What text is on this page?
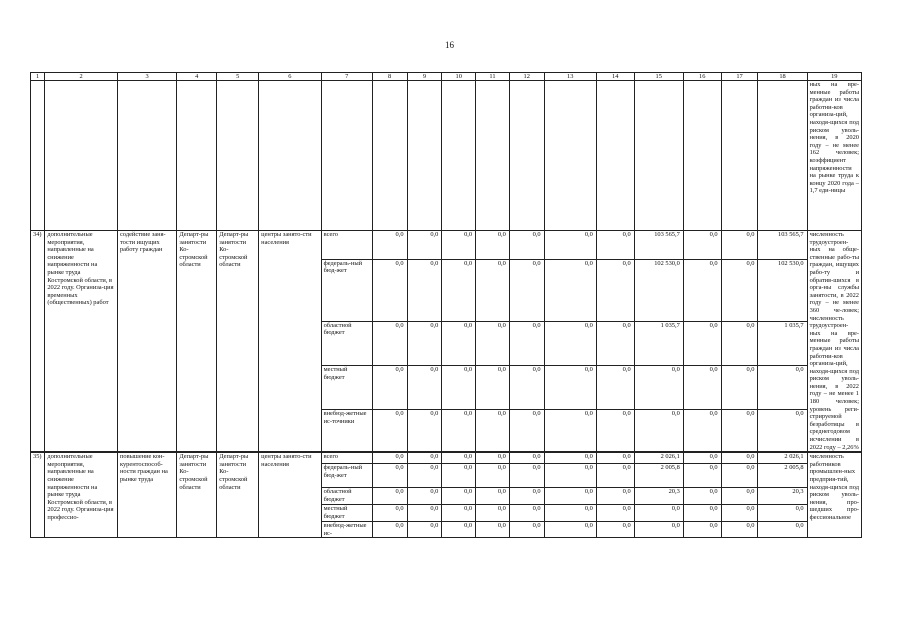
16
1	2	3	4	5	6	7	8	9	10	11	12	13	14	15	16	17	18	19
																		ных на вре-менные работы граждан из числа работни-ков организа-ций, находя-щихся под риском уволь-нения, в 2020 году – не менее 162 человек; коэффициент напряженности на рынке труда к концу 2020 года – 1,7 еди-ницы
34)	дополнительные мероприятия, направленные на снижение напряженности на рынке труда Костромской области, в 2022 году. Организа-ция временных (общественных) работ	содействие заня-тости ищущих работу граждан	Департ-ры занятости Ко-стромской области	Департ-ры занятости Ко-стромской области	центры занято-сти населения	всего	0,0	0,0	0,0	0,0	0,0	0,0	0,0	103 565,7	0,0	0,0	103 565,7	численность трудоустроен-ных на обще-ственные рабо-ты граждан, ищущих рабо-ту и обратив-шихся в орга-ны службы занятости, в 2022 году – не менее 360 че-ловек; численность трудоустроен-ных на вре-менные работы граждан из числа работни-ков организа-ций, находя-щихся под риском уволь-нения, в 2022 году – не менее 1 180 человек; уровень реги-стрируемой безработицы в среднегодовом исчислении в 2022 году – 2,26%
						федераль-ный бюд-жет	0,0	0,0	0,0	0,0	0,0	0,0	0,0	102 530,0	0,0	0,0	102 530,0	
						областной бюджет	0,0	0,0	0,0	0,0	0,0	0,0	0,0	1 035,7	0,0	0,0	1 035,7	
						местный бюджет	0,0	0,0	0,0	0,0	0,0	0,0	0,0	0,0	0,0	0,0	0,0	
						внебюд-жетные ис-точники	0,0	0,0	0,0	0,0	0,0	0,0	0,0	0,0	0,0	0,0	0,0	

35)	дополнительные мероприятия, направленные на снижение напряженности на рынке труда Костромской области, в 2022 году. Организа-ция профессио-	повышение кон-курентоспособ-ности граждан на рынке труда	Департ-ры занятости Ко-стромской области	Департ-ры занятости Ко-стромской области	центры занято-сти населения	всего	0,0	0,0	0,0	0,0	0,0	0,0	0,0	2 026,1	0,0	0,0	2 026,1	численность работников промышлен-ных предприя-тий, находя-щихся под риском уволь-нения, про-шедших про-фессиональное
						федераль-ный бюд-жет	0,0	0,0	0,0	0,0	0,0	0,0	0,0	2 005,8	0,0	0,0	2 005,8	
						областной бюджет	0,0	0,0	0,0	0,0	0,0	0,0	0,0	20,3	0,0	0,0	20,3	
						местный бюджет	0,0	0,0	0,0	0,0	0,0	0,0	0,0	0,0	0,0	0,0	0,0	
						внебюд-жетные ис-	0,0	0,0	0,0	0,0	0,0	0,0	0,0	0,0	0,0	0,0	0,0	
